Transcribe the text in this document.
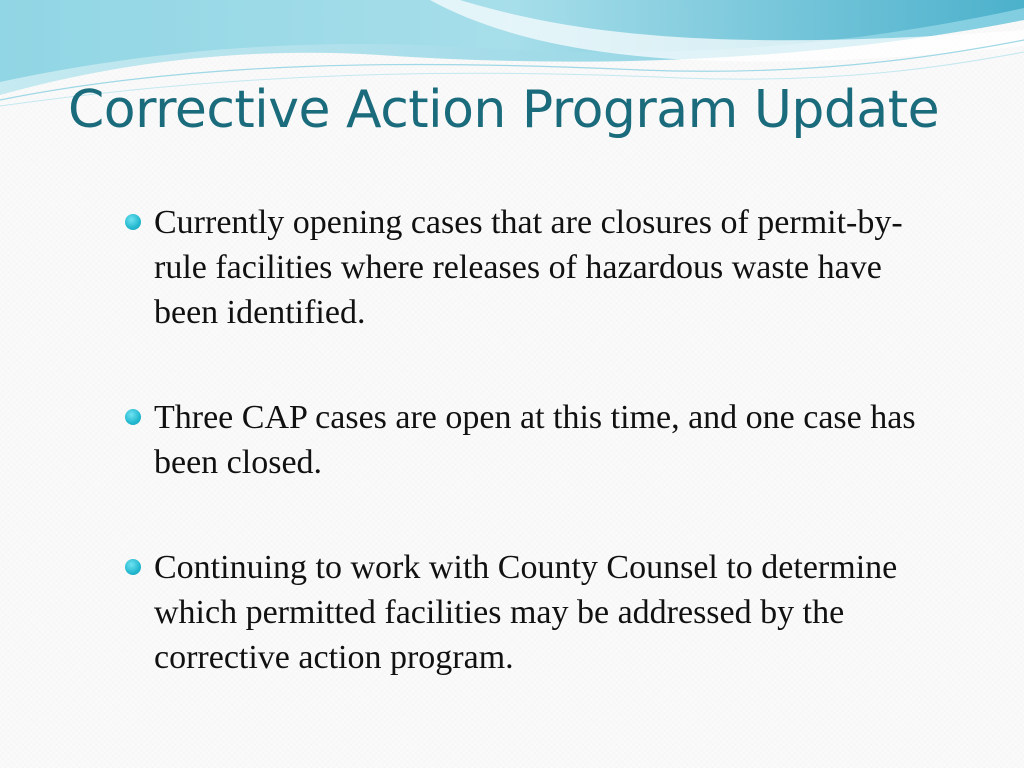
Corrective Action Program Update
Currently opening cases that are closures of permit-by-rule facilities where releases of hazardous waste have been identified.
Three CAP cases are open at this time, and one case has been closed.
Continuing to work with County Counsel to determine which permitted facilities may be addressed by the corrective action program.
